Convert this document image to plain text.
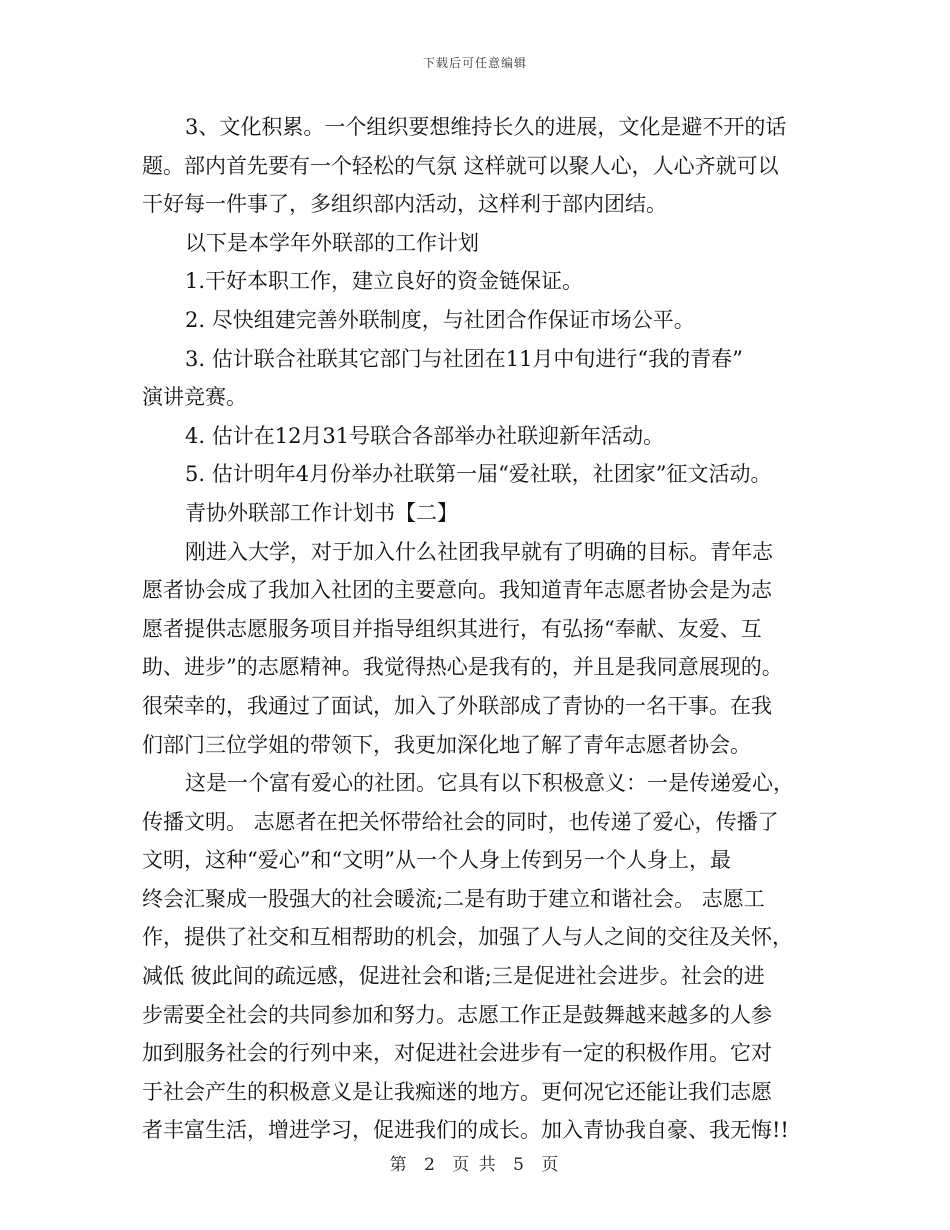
下载后可任意编辑
3、文化积累。一个组织要想维持长久的进展，文化是避不开的话
题。部内首先要有一个轻松的气氛 这样就可以聚人心，人心齐就可以
干好每一件事了，多组织部内活动，这样利于部内团结。
以下是本学年外联部的工作计划
1.干好本职工作，建立良好的资金链保证。
2. 尽快组建完善外联制度，与社团合作保证市场公平。
3. 估计联合社联其它部门与社团在11月中旬进行“我的青春”
演讲竞赛。
4. 估计在12月31号联合各部举办社联迎新年活动。
5. 估计明年4月份举办社联第一届“爱社联，社团家”征文活动。
青协外联部工作计划书【二】
刚进入大学，对于加入什么社团我早就有了明确的目标。青年志
愿者协会成了我加入社团的主要意向。我知道青年志愿者协会是为志
愿者提供志愿服务项目并指导组织其进行，有弘扬“奉献、友爱、互
助、进步”的志愿精神。我觉得热心是我有的，并且是我同意展现的。
很荣幸的，我通过了面试，加入了外联部成了青协的一名干事。在我
们部门三位学姐的带领下，我更加深化地了解了青年志愿者协会。
这是一个富有爱心的社团。它具有以下积极意义：一是传递爱心，
传播文明。 志愿者在把关怀带给社会的同时，也传递了爱心，传播了
文明，这种“爱心”和“文明”从一个人身上传到另一个人身上，最
终会汇聚成一股强大的社会暖流;二是有助于建立和谐社会。 志愿工
作，提供了社交和互相帮助的机会，加强了人与人之间的交往及关怀，
减低 彼此间的疏远感，促进社会和谐;三是促进社会进步。社会的进
步需要全社会的共同参加和努力。志愿工作正是鼓舞越来越多的人参
加到服务社会的行列中来，对促进社会进步有一定的积极作用。它对
于社会产生的积极意义是让我痴迷的地方。更何况它还能让我们志愿
者丰富生活，增进学习，促进我们的成长。加入青协我自豪、我无悔!!
第 2 页 共 5 页
